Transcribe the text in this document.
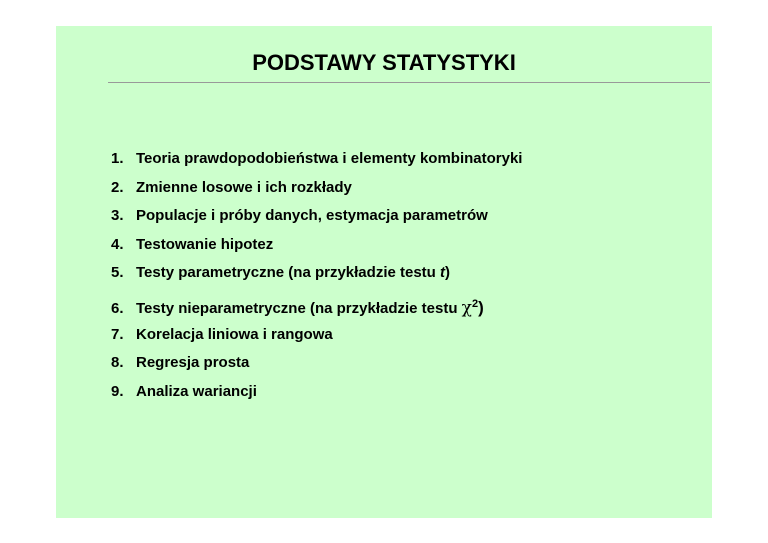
PODSTAWY STATYSTYKI
1. Teoria prawdopodobieństwa i elementy kombinatoryki
2. Zmienne losowe i ich rozkłady
3. Populacje i próby danych, estymacja parametrów
4. Testowanie hipotez
5. Testy parametryczne (na przykładzie testu t)
6. Testy nieparametryczne (na przykładzie testu $\chi^2$)
7. Korelacja liniowa i rangowa
8. Regresja prosta
9. Analiza wariancji
